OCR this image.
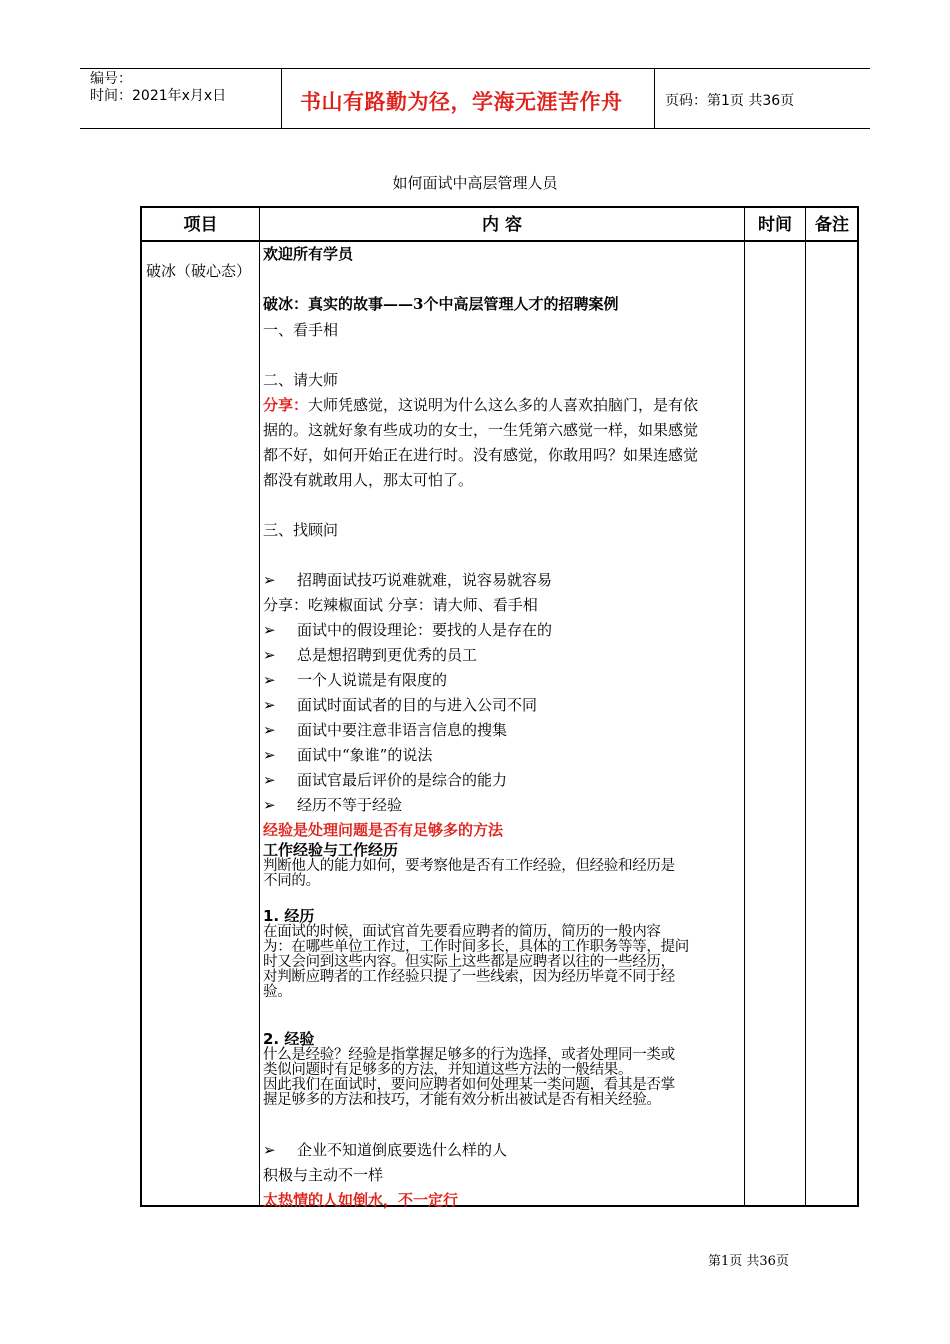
编号：
时间：2021年x月x日	书山有路勤为径，学海无涯苦作舟	页码：第1页 共36页
如何面试中高层管理人员
项目	内 容	时间	备注
破冰（破心态）
欢迎所有学员
破冰：真实的故事——3个中高层管理人才的招聘案例
一、看手相
二、请大师
分享：大师凭感觉，这说明为什么这么多的人喜欢拍脑门，是有依
据的。这就好象有些成功的女士，一生凭第六感觉一样，如果感觉
都不好，如何开始正在进行时。没有感觉，你敢用吗？如果连感觉
都没有就敢用人，那太可怕了。
三、找顾问
➢ 招聘面试技巧说难就难，说容易就容易
分享：吃辣椒面试 分享：请大师、看手相
➢ 面试中的假设理论：要找的人是存在的
➢ 总是想招聘到更优秀的员工
➢ 一个人说谎是有限度的
➢ 面试时面试者的目的与进入公司不同
➢ 面试中要注意非语言信息的搜集
➢ 面试中“象谁”的说法
➢ 面试官最后评价的是综合的能力
➢ 经历不等于经验
经验是处理问题是否有足够多的方法
工作经验与工作经历
判断他人的能力如何，要考察他是否有工作经验，但经验和经历是
不同的。
1. 经历
在面试的时候，面试官首先要看应聘者的简历，简历的一般内容
为：在哪些单位工作过，工作时间多长，具体的工作职务等等，提问
时又会问到这些内容。但实际上这些都是应聘者以往的一些经历，
对判断应聘者的工作经验只提了一些线索，因为经历毕竟不同于经
验。
2. 经验
什么是经验？经验是指掌握足够多的行为选择，或者处理同一类或
类似问题时有足够多的方法，并知道这些方法的一般结果。
因此我们在面试时，要问应聘者如何处理某一类问题，看其是否掌
握足够多的方法和技巧，才能有效分析出被试是否有相关经验。
➢ 企业不知道倒底要选什么样的人
积极与主动不一样
太热情的人如倒水，不一定行
第1页 共36页
